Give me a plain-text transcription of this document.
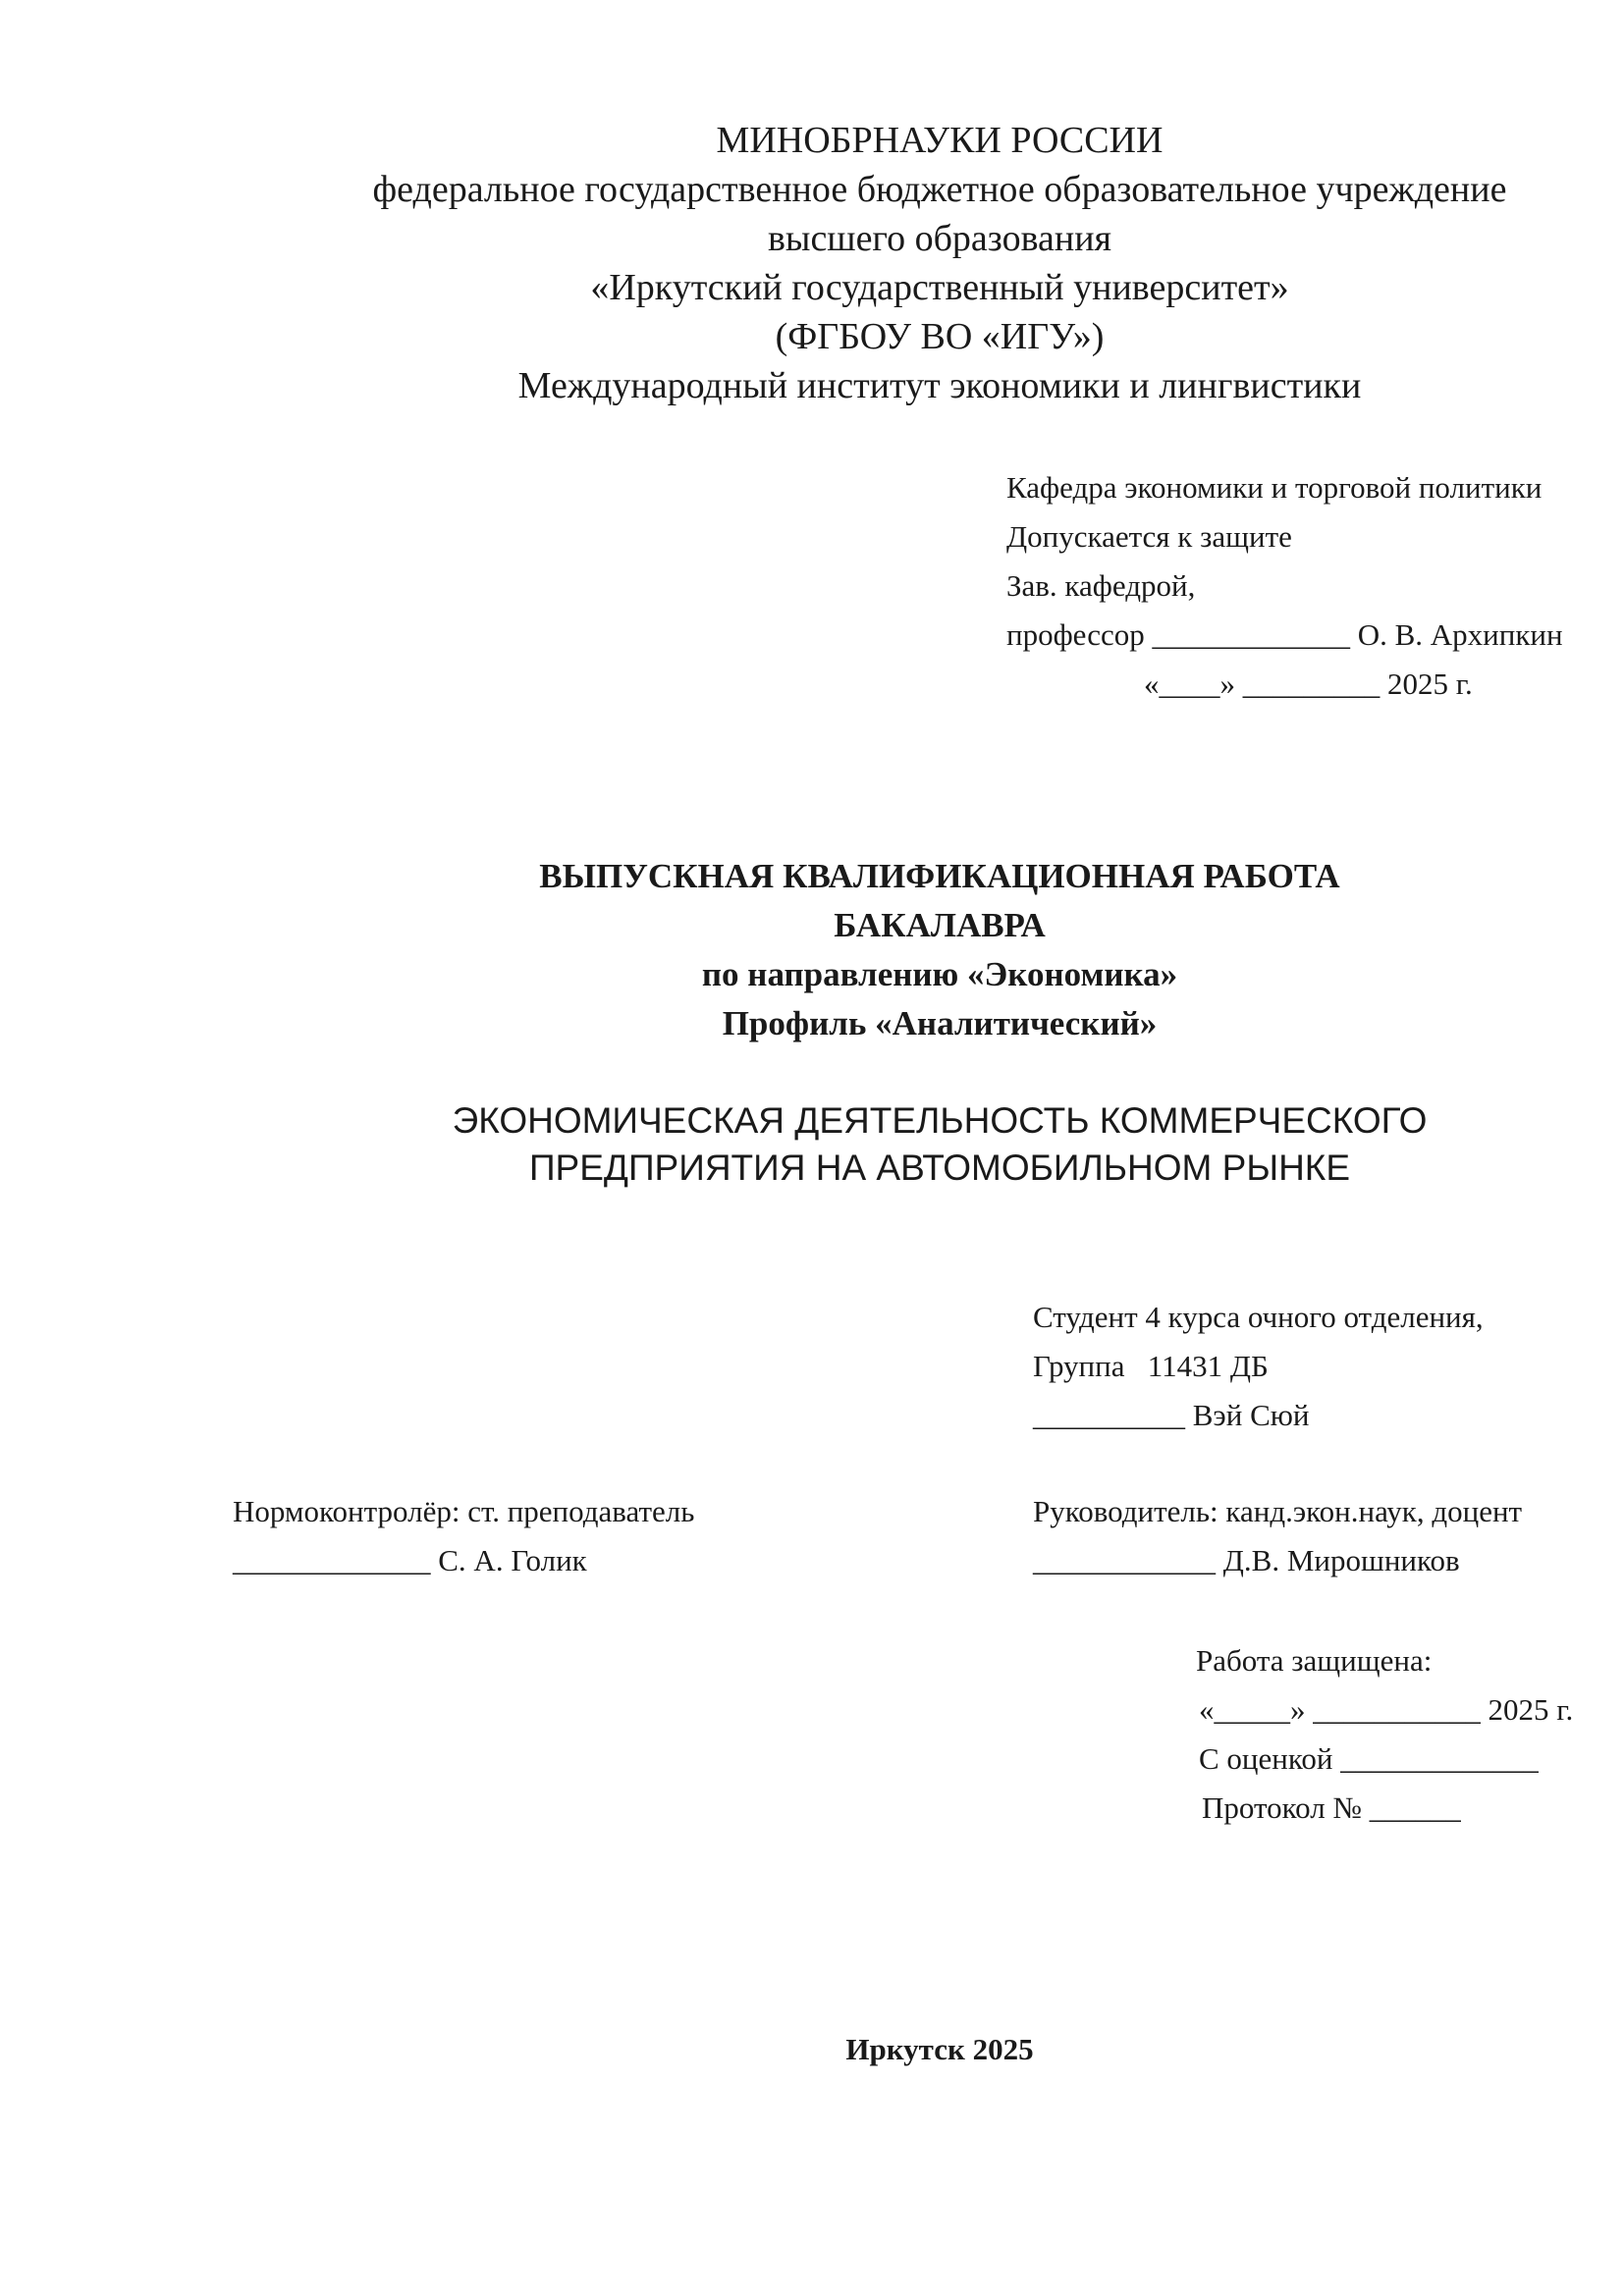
МИНОБРНАУКИ РОССИИ
федеральное государственное бюджетное образовательное учреждение
высшего образования
«Иркутский государственный университет»
(ФГБОУ ВО «ИГУ»)
Международный институт экономики и лингвистики
Кафедра экономики и торговой политики
Допускается к защите
Зав. кафедрой,
профессор _____________ О. В. Архипкин
«____» _________ 2025 г.
ВЫПУСКНАЯ КВАЛИФИКАЦИОННАЯ РАБОТА
БАКАЛАВРА
по направлению «Экономика»
Профиль «Аналитический»
ЭКОНОМИЧЕСКАЯ ДЕЯТЕЛЬНОСТЬ КОММЕРЧЕСКОГО
ПРЕДПРИЯТИЯ НА АВТОМОБИЛЬНОМ РЫНКЕ
Студент 4 курса очного отделения,
Группа   11431 ДБ
__________ Вэй Сюй
Нормоконтролёр: ст. преподаватель
_____________ С. А. Голик
Руководитель: канд.экон.наук, доцент
____________ Д.В. Мирошников
Работа защищена:
«_____» ___________ 2025 г.
С оценкой _____________
Протокол № ______
Иркутск 2025
